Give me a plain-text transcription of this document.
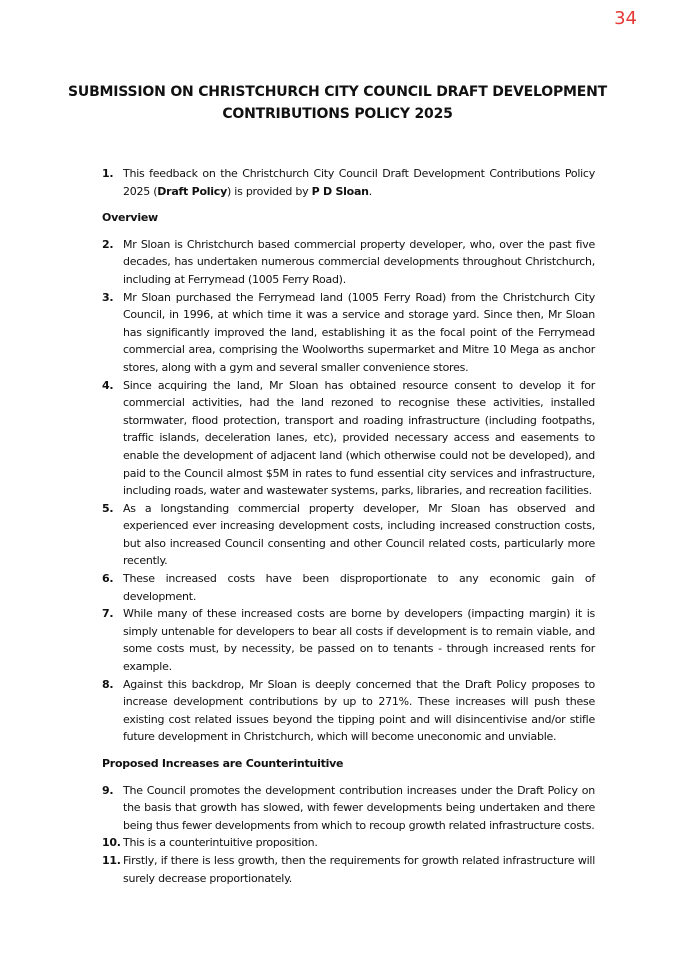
34
SUBMISSION ON CHRISTCHURCH CITY COUNCIL DRAFT DEVELOPMENT
CONTRIBUTIONS POLICY 2025
1. This feedback on the Christchurch City Council Draft Development Contributions Policy 2025 (Draft Policy) is provided by P D Sloan.
Overview
2. Mr Sloan is Christchurch based commercial property developer, who, over the past five decades, has undertaken numerous commercial developments throughout Christchurch, including at Ferrymead (1005 Ferry Road).
3. Mr Sloan purchased the Ferrymead land (1005 Ferry Road) from the Christchurch City Council, in 1996, at which time it was a service and storage yard. Since then, Mr Sloan has significantly improved the land, establishing it as the focal point of the Ferrymead commercial area, comprising the Woolworths supermarket and Mitre 10 Mega as anchor stores, along with a gym and several smaller convenience stores.
4. Since acquiring the land, Mr Sloan has obtained resource consent to develop it for commercial activities, had the land rezoned to recognise these activities, installed stormwater, flood protection, transport and roading infrastructure (including footpaths, traffic islands, deceleration lanes, etc), provided necessary access and easements to enable the development of adjacent land (which otherwise could not be developed), and paid to the Council almost $5M in rates to fund essential city services and infrastructure, including roads, water and wastewater systems, parks, libraries, and recreation facilities.
5. As a longstanding commercial property developer, Mr Sloan has observed and experienced ever increasing development costs, including increased construction costs, but also increased Council consenting and other Council related costs, particularly more recently.
6. These increased costs have been disproportionate to any economic gain of development.
7. While many of these increased costs are borne by developers (impacting margin) it is simply untenable for developers to bear all costs if development is to remain viable, and some costs must, by necessity, be passed on to tenants - through increased rents for example.
8. Against this backdrop, Mr Sloan is deeply concerned that the Draft Policy proposes to increase development contributions by up to 271%. These increases will push these existing cost related issues beyond the tipping point and will disincentivise and/or stifle future development in Christchurch, which will become uneconomic and unviable.
Proposed Increases are Counterintuitive
9. The Council promotes the development contribution increases under the Draft Policy on the basis that growth has slowed, with fewer developments being undertaken and there being thus fewer developments from which to recoup growth related infrastructure costs.
10. This is a counterintuitive proposition.
11. Firstly, if there is less growth, then the requirements for growth related infrastructure will surely decrease proportionately.
